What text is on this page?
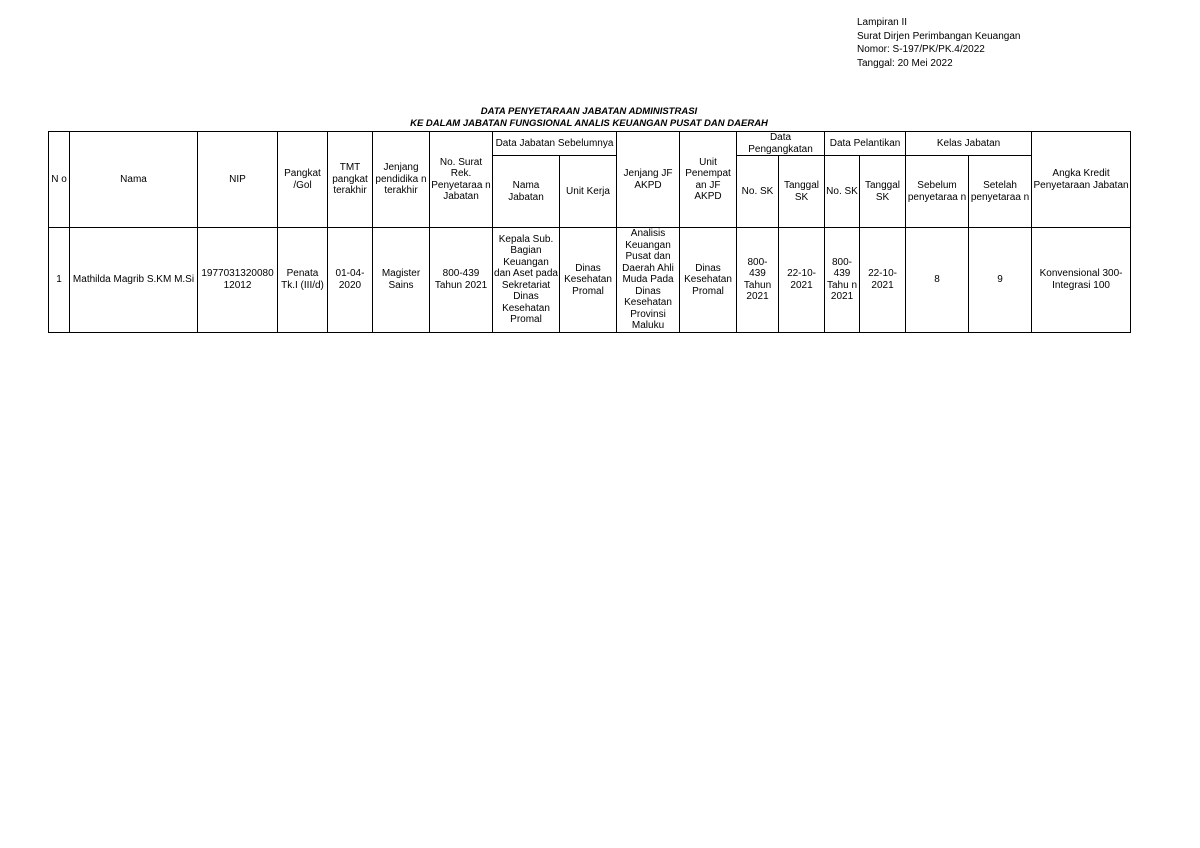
Lampiran II
Surat Dirjen Perimbangan Keuangan
Nomor: S-197/PK/PK.4/2022
Tanggal: 20 Mei 2022
DATA PENYETARAAN JABATAN ADMINISTRASI
KE DALAM JABATAN FUNGSIONAL ANALIS KEUANGAN PUSAT DAN DAERAH
N o	Nama	NIP	Pangkat /Gol	TMT pangkat terakhir	Jenjang pendidika n terakhir	No. Surat Rek. Penyetaraa n Jabatan	Data Jabatan Sebelumnya		Jenjang JF AKPD	Unit Penempat an JF AKPD	Data Pengangkatan		Data Pelantikan		Kelas Jabatan		Angka Kredit Penyetaraan Jabatan
							Nama Jabatan	Unit Kerja			No. SK	Tanggal SK	No. SK	Tanggal SK	Sebelum penyetaraa n	Setelah penyetaraa n	
1	Mathilda Magrib S.KM M.Si	1977031320080 12012	Penata Tk.I (III/d)	01-04- 2020	Magister Sains	800-439 Tahun 2021	Kepala Sub. Bagian Keuangan dan Aset pada Sekretariat Dinas Kesehatan Promal	Dinas Kesehatan Promal	Analisis Keuangan Pusat dan Daerah Ahli Muda Pada Dinas Kesehatan Provinsi Maluku	Dinas Kesehatan Promal	800- 439 Tahun 2021	22-10- 2021	800- 439 Tahu n 2021	22-10- 2021	8	9	Konvensional 300- Integrasi 100
